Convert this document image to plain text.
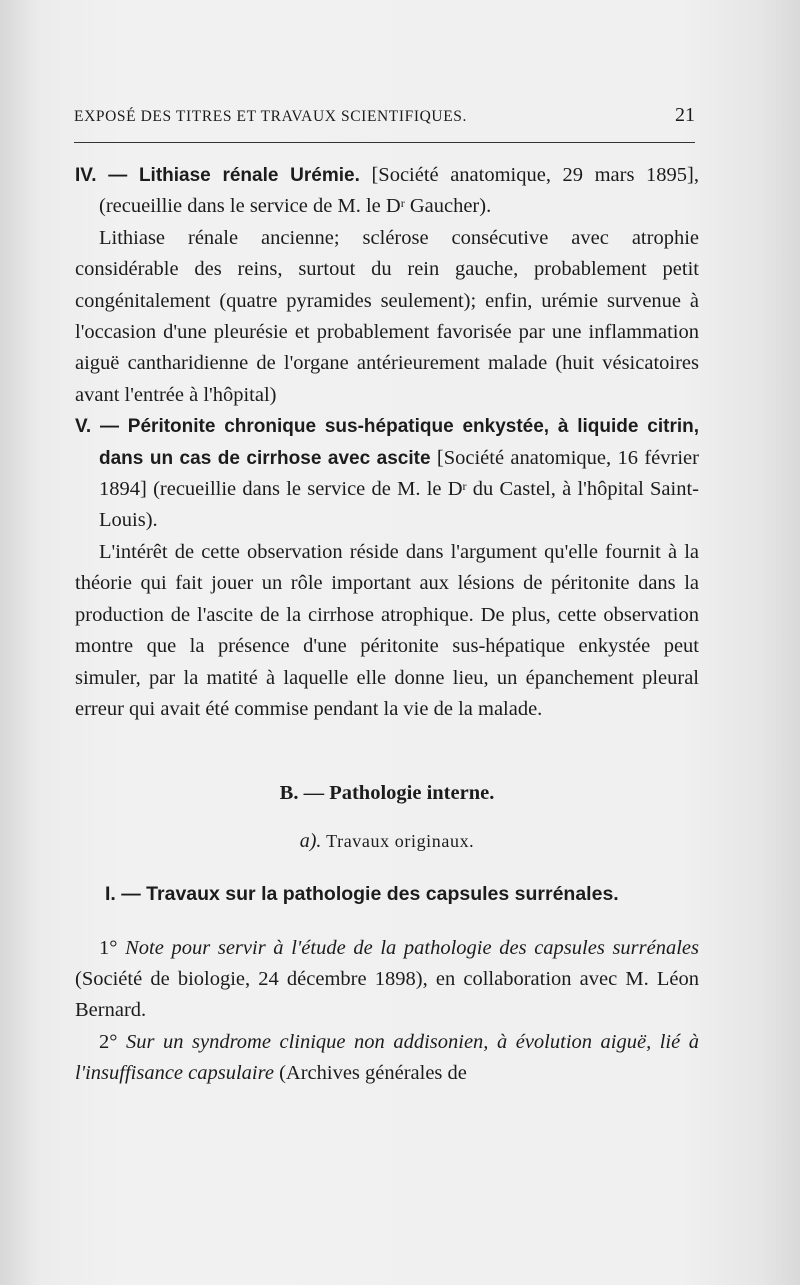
EXPOSÉ DES TITRES ET TRAVAUX SCIENTIFIQUES.	21

IV. — Lithiase rénale Urémie. [Société anatomique, 29 mars 1895], (recueillie dans le service de M. le $D^r$ Gaucher).

Lithiase rénale ancienne; sclérose consécutive avec atrophie considérable des reins, surtout du rein gauche, probablement petit congénitalement (quatre pyramides seulement); enfin, urémie survenue à l'occasion d'une pleurésie et probablement favorisée par une inflammation aiguë cantharidienne de l'organe antérieurement malade (huit vésicatoires avant l'entrée à l'hôpital)

V. — Péritonite chronique sus-hépatique enkystée, à liquide citrin, dans un cas de cirrhose avec ascite [Société anatomique, 16 février 1894] (recueillie dans le service de M. le $D^r$ du Castel, à l'hôpital Saint-Louis).

L'intérêt de cette observation réside dans l'argument qu'elle fournit à la théorie qui fait jouer un rôle important aux lésions de péritonite dans la production de l'ascite de la cirrhose atrophique. De plus, cette observation montre que la présence d'une péritonite sus-hépatique enkystée peut simuler, par la matité à laquelle elle donne lieu, un épanchement pleural erreur qui avait été commise pendant la vie de la malade.

B. — Pathologie interne.
a). Travaux originaux.
I. — Travaux sur la pathologie des capsules surrénales.

1° Note pour servir à l'étude de la pathologie des capsules surrénales (Société de biologie, 24 décembre 1898), en collaboration avec M. Léon Bernard.

2° Sur un syndrome clinique non addisonien, à évolution aiguë, lié à l'insuffisance capsulaire (Archives générales de
